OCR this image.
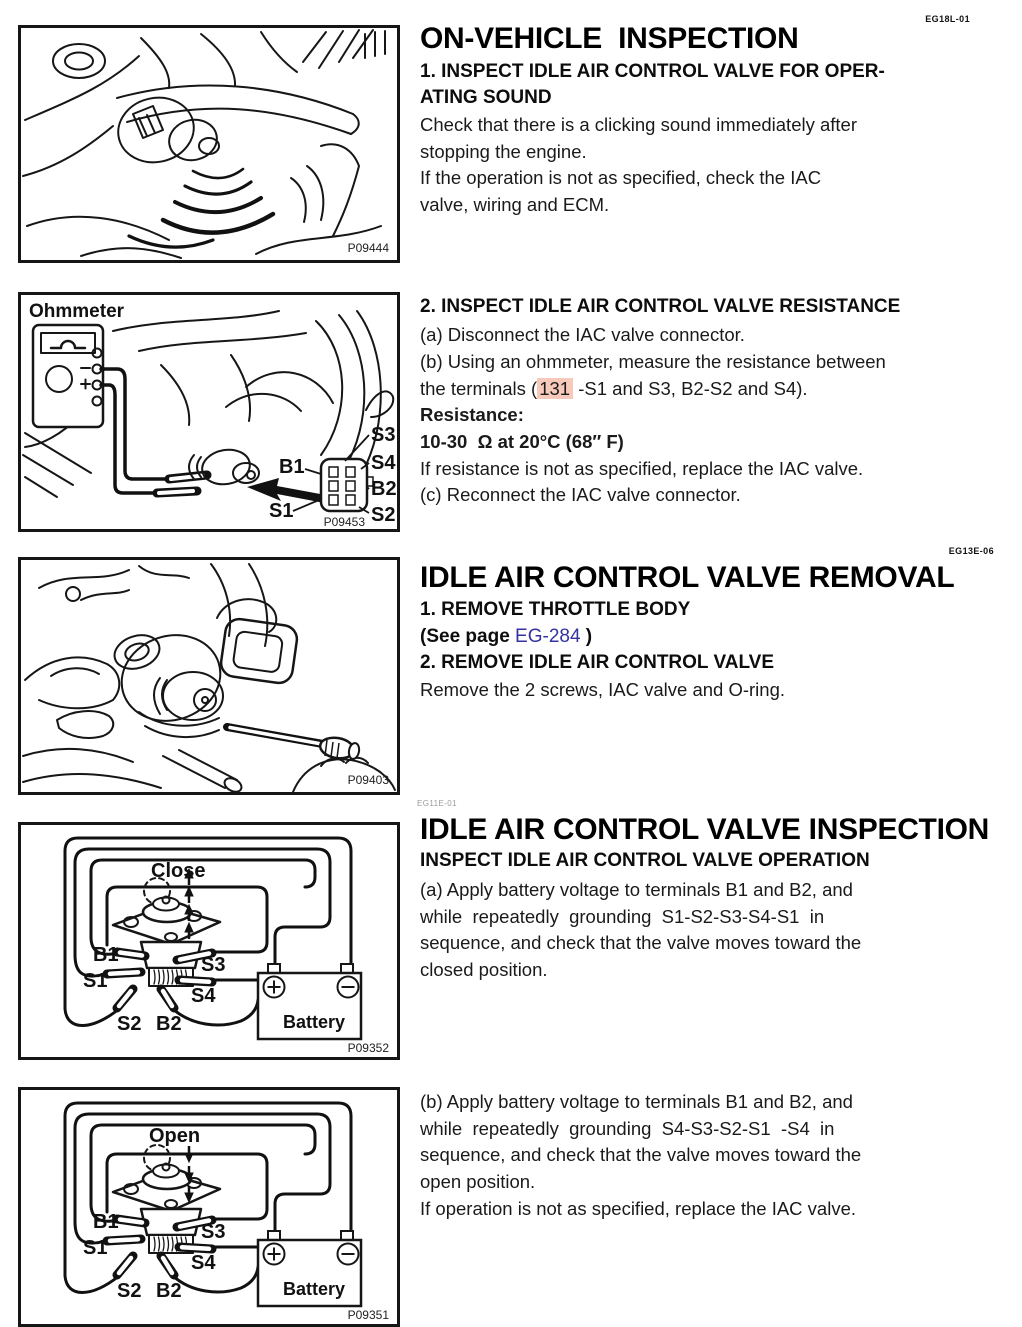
P09444
Ohmmeter
S3
S4
B2
S2
B1
S1	P09453
P09403
Close
B1
S1
S2 B2
S3
S4
Battery
P09352
Open
B1
S1
S2 B2
S3
S4
Battery
P09351
EG18L-01
ON-VEHICLE  INSPECTION
1. INSPECT IDLE AIR CONTROL VALVE FOR OPER-
ATING SOUND
Check that there is a clicking sound immediately after
stopping the engine.
If the operation is not as specified, check the IAC
valve, wiring and ECM.
2. INSPECT IDLE AIR CONTROL VALVE RESISTANCE
(a) Disconnect the IAC valve connector.
(b) Using an ohmmeter, measure the resistance between
the terminals ( 131 -S1 and S3, B2-S2 and S4).
Resistance:
10-30  Ω at 20°C (68″ F)
If resistance is not as specified, replace the IAC valve.
(c) Reconnect the IAC valve connector.
EG13E-06
IDLE AIR CONTROL VALVE REMOVAL
1. REMOVE THROTTLE BODY
(See page EG-284 )
2. REMOVE IDLE AIR CONTROL VALVE
Remove the 2 screws, IAC valve and O-ring.
EG11E-01
IDLE AIR CONTROL VALVE INSPECTION
INSPECT IDLE AIR CONTROL VALVE OPERATION
(a) Apply battery voltage to terminals B1 and B2, and
while  repeatedly  grounding  S1-S2-S3-S4-S1  in
sequence, and check that the valve moves toward the
closed position.
(b) Apply battery voltage to terminals B1 and B2, and
while  repeatedly  grounding  S4-S3-S2-S1  -S4  in
sequence, and check that the valve moves toward the
open position.
If operation is not as specified, replace the IAC valve.
